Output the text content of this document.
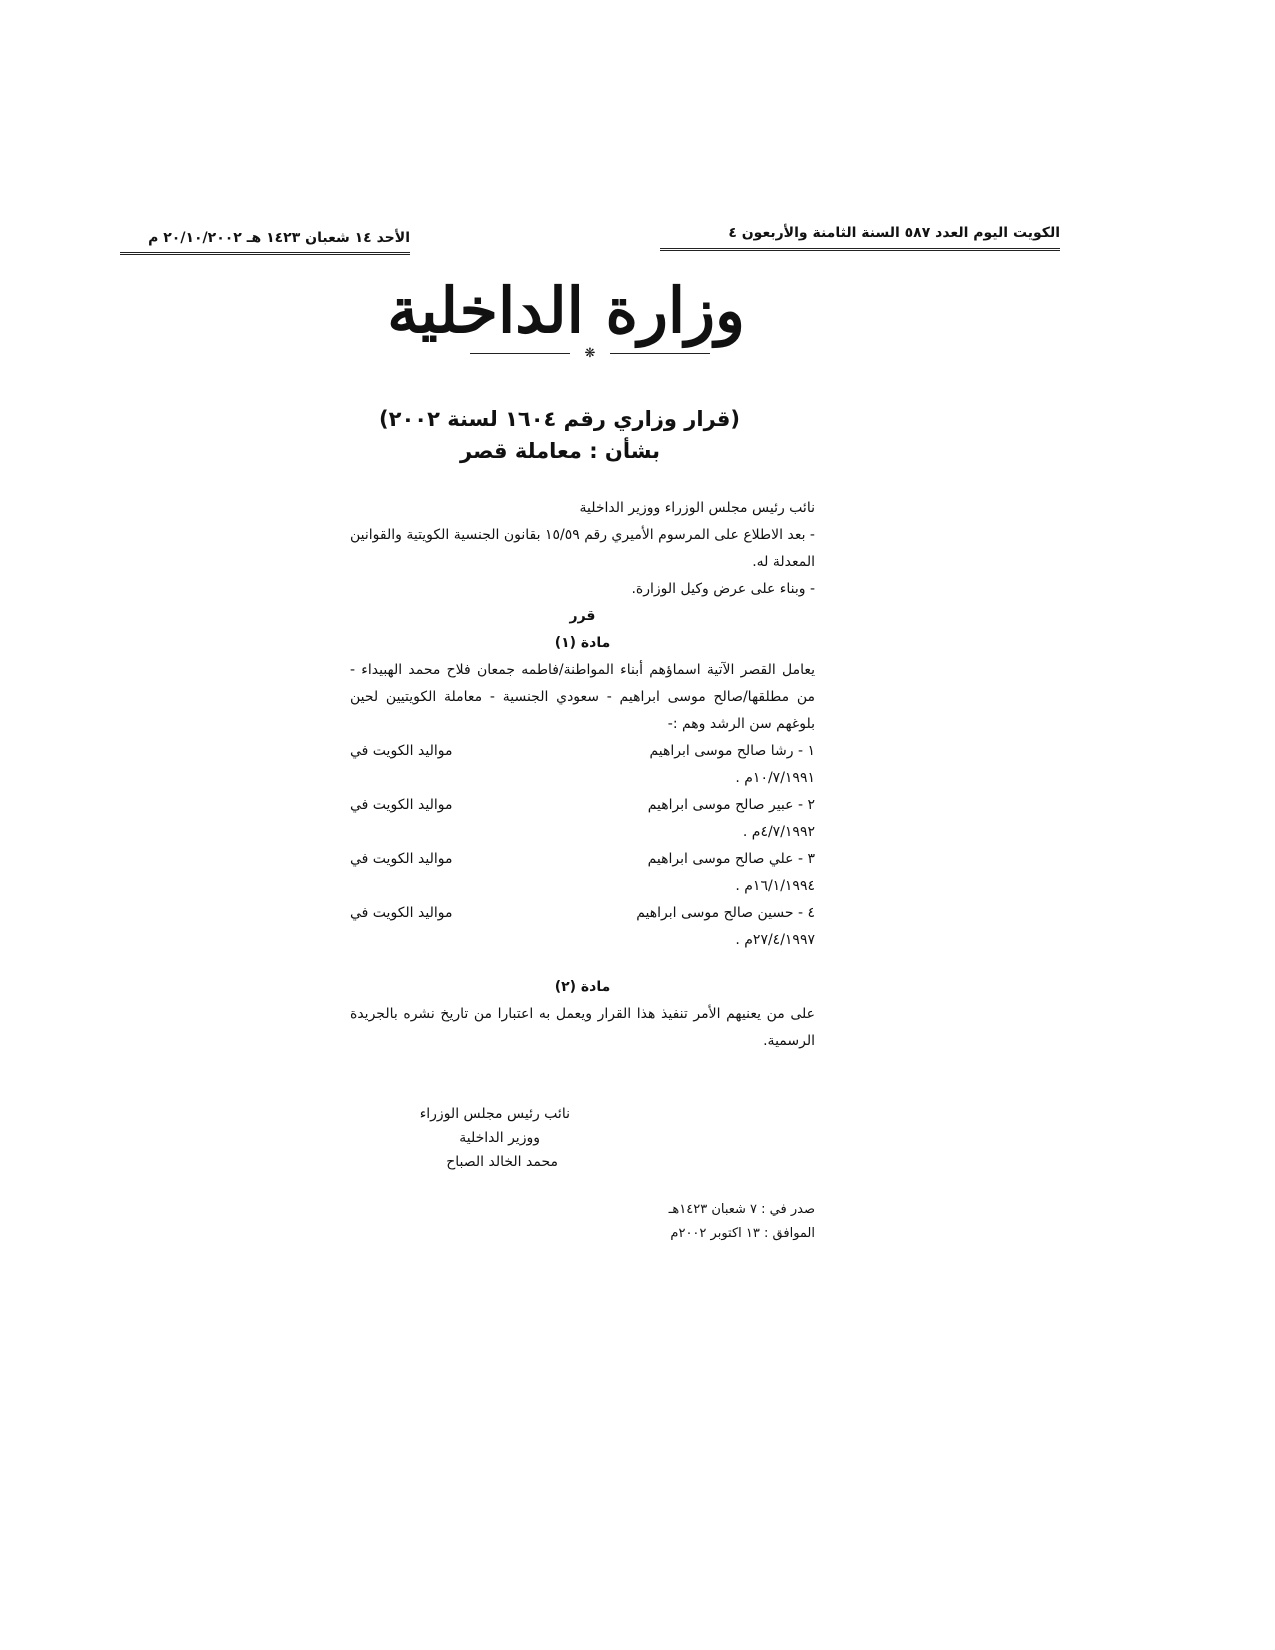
الأحد ١٤ شعبان ١٤٢٣ هـ ٢٠/١٠/٢٠٠٢ م	الكويت اليوم العدد ٥٨٧ السنة الثامنة والأربعون ٤
وزارة الداخلية
❋
(قرار وزاري رقم ١٦٠٤ لسنة ٢٠٠٢)
بشأن : معاملة قصر

نائب رئيس مجلس الوزراء ووزير الداخلية

- بعد الاطلاع على المرسوم الأميري رقم ١٥/٥٩ بقانون الجنسية الكويتية والقوانين المعدلة له.

- وبناء على عرض وكيل الوزارة.

قرر

مادة (١)

يعامل القصر الآتية اسماؤهم أبناء المواطنة/فاطمه جمعان فلاح محمد الهبيداء - من مطلقها/صالح موسى ابراهيم - سعودي الجنسية - معاملة الكويتيين لحين بلوغهم سن الرشد وهم :-

١ - رشا صالح موسى ابراهيم
مواليد الكويت في
١٠/٧/١٩٩١م .
٢ - عبير صالح موسى ابراهيم
مواليد الكويت في
٤/٧/١٩٩٢م .
٣ - علي صالح موسى ابراهيم
مواليد الكويت في
١٦/١/١٩٩٤م .
٤ - حسين صالح موسى ابراهيم
مواليد الكويت في
٢٧/٤/١٩٩٧م .

مادة (٢)

على من يعنيهم الأمر تنفيذ هذا القرار ويعمل به اعتبارا من تاريخ نشره بالجريدة الرسمية.

نائب رئيس مجلس الوزراء
ووزير الداخلية
محمد الخالد الصباح
صدر في : ٧ شعبان ١٤٢٣هـ
الموافق : ١٣ اكتوبر ٢٠٠٢م
